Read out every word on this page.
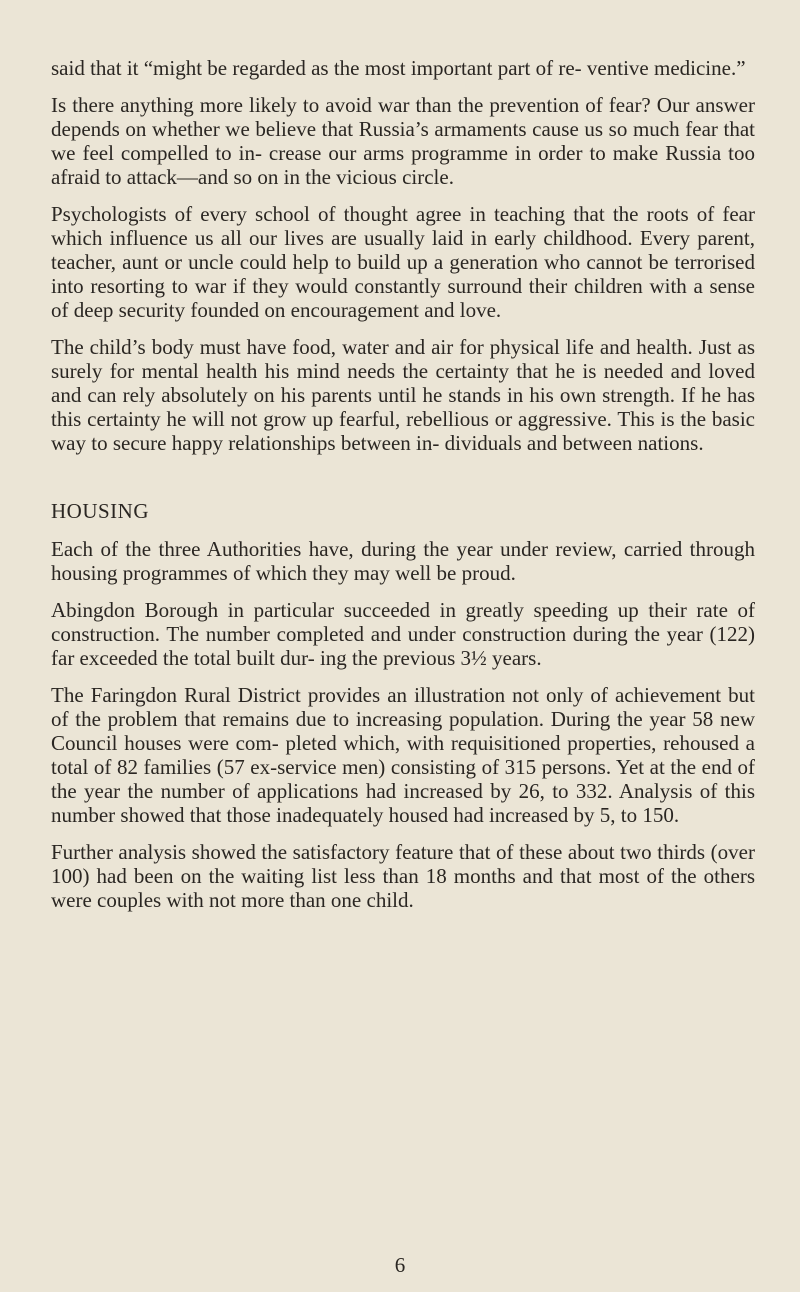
said that it “might be regarded as the most important part of re- ventive medicine.”

Is there anything more likely to avoid war than the prevention of fear? Our answer depends on whether we believe that Russia’s armaments cause us so much fear that we feel compelled to in- crease our arms programme in order to make Russia too afraid to attack—and so on in the vicious circle.

Psychologists of every school of thought agree in teaching that the roots of fear which influence us all our lives are usually laid in early childhood. Every parent, teacher, aunt or uncle could help to build up a generation who cannot be terrorised into resorting to war if they would constantly surround their children with a sense of deep security founded on encouragement and love.

The child’s body must have food, water and air for physical life and health. Just as surely for mental health his mind needs the certainty that he is needed and loved and can rely absolutely on his parents until he stands in his own strength. If he has this certainty he will not grow up fearful, rebellious or aggressive. This is the basic way to secure happy relationships between in- dividuals and between nations.

HOUSING

Each of the three Authorities have, during the year under review, carried through housing programmes of which they may well be proud.

Abingdon Borough in particular succeeded in greatly speeding up their rate of construction. The number completed and under construction during the year (122) far exceeded the total built dur- ing the previous 3½ years.

The Faringdon Rural District provides an illustration not only of achievement but of the problem that remains due to increasing population. During the year 58 new Council houses were com- pleted which, with requisitioned properties, rehoused a total of 82 families (57 ex-service men) consisting of 315 persons. Yet at the end of the year the number of applications had increased by 26, to 332. Analysis of this number showed that those inadequately housed had increased by 5, to 150.

Further analysis showed the satisfactory feature that of these about two thirds (over 100) had been on the waiting list less than 18 months and that most of the others were couples with not more than one child.

6
